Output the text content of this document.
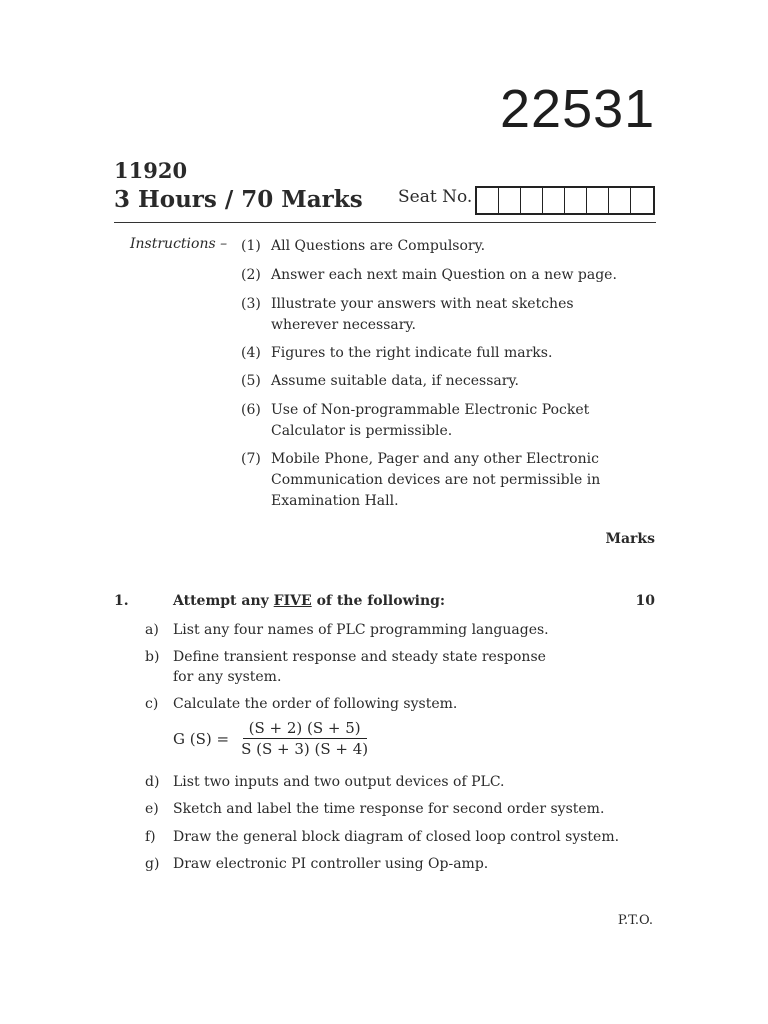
22531
11920
3 Hours / 70 Marks Seat No.
Instructions – (1) All Questions are Compulsory.
(2) Answer each next main Question on a new page.
(3) Illustrate your answers with neat sketches wherever necessary.
(4) Figures to the right indicate full marks.
(5) Assume suitable data, if necessary.
(6) Use of Non-programmable Electronic Pocket Calculator is permissible.
(7) Mobile Phone, Pager and any other Electronic Communication devices are not permissible in Examination Hall.
Marks
1.	Attempt any FIVE of the following:	10
a)	List any four names of PLC programming languages.
b) Define transient response and steady state response for any system.
c)	Calculate the order of following system.
G $(S) = \frac{(S + 2) (S + 5)}{S (S + 3) (S + 4)}$
d) List two inputs and two output devices of PLC.
e)	Sketch and label the time response for second order system.
f)	Draw the general block diagram of closed loop control system.
g) Draw electronic PI controller using Op-amp.
P.T.O.
